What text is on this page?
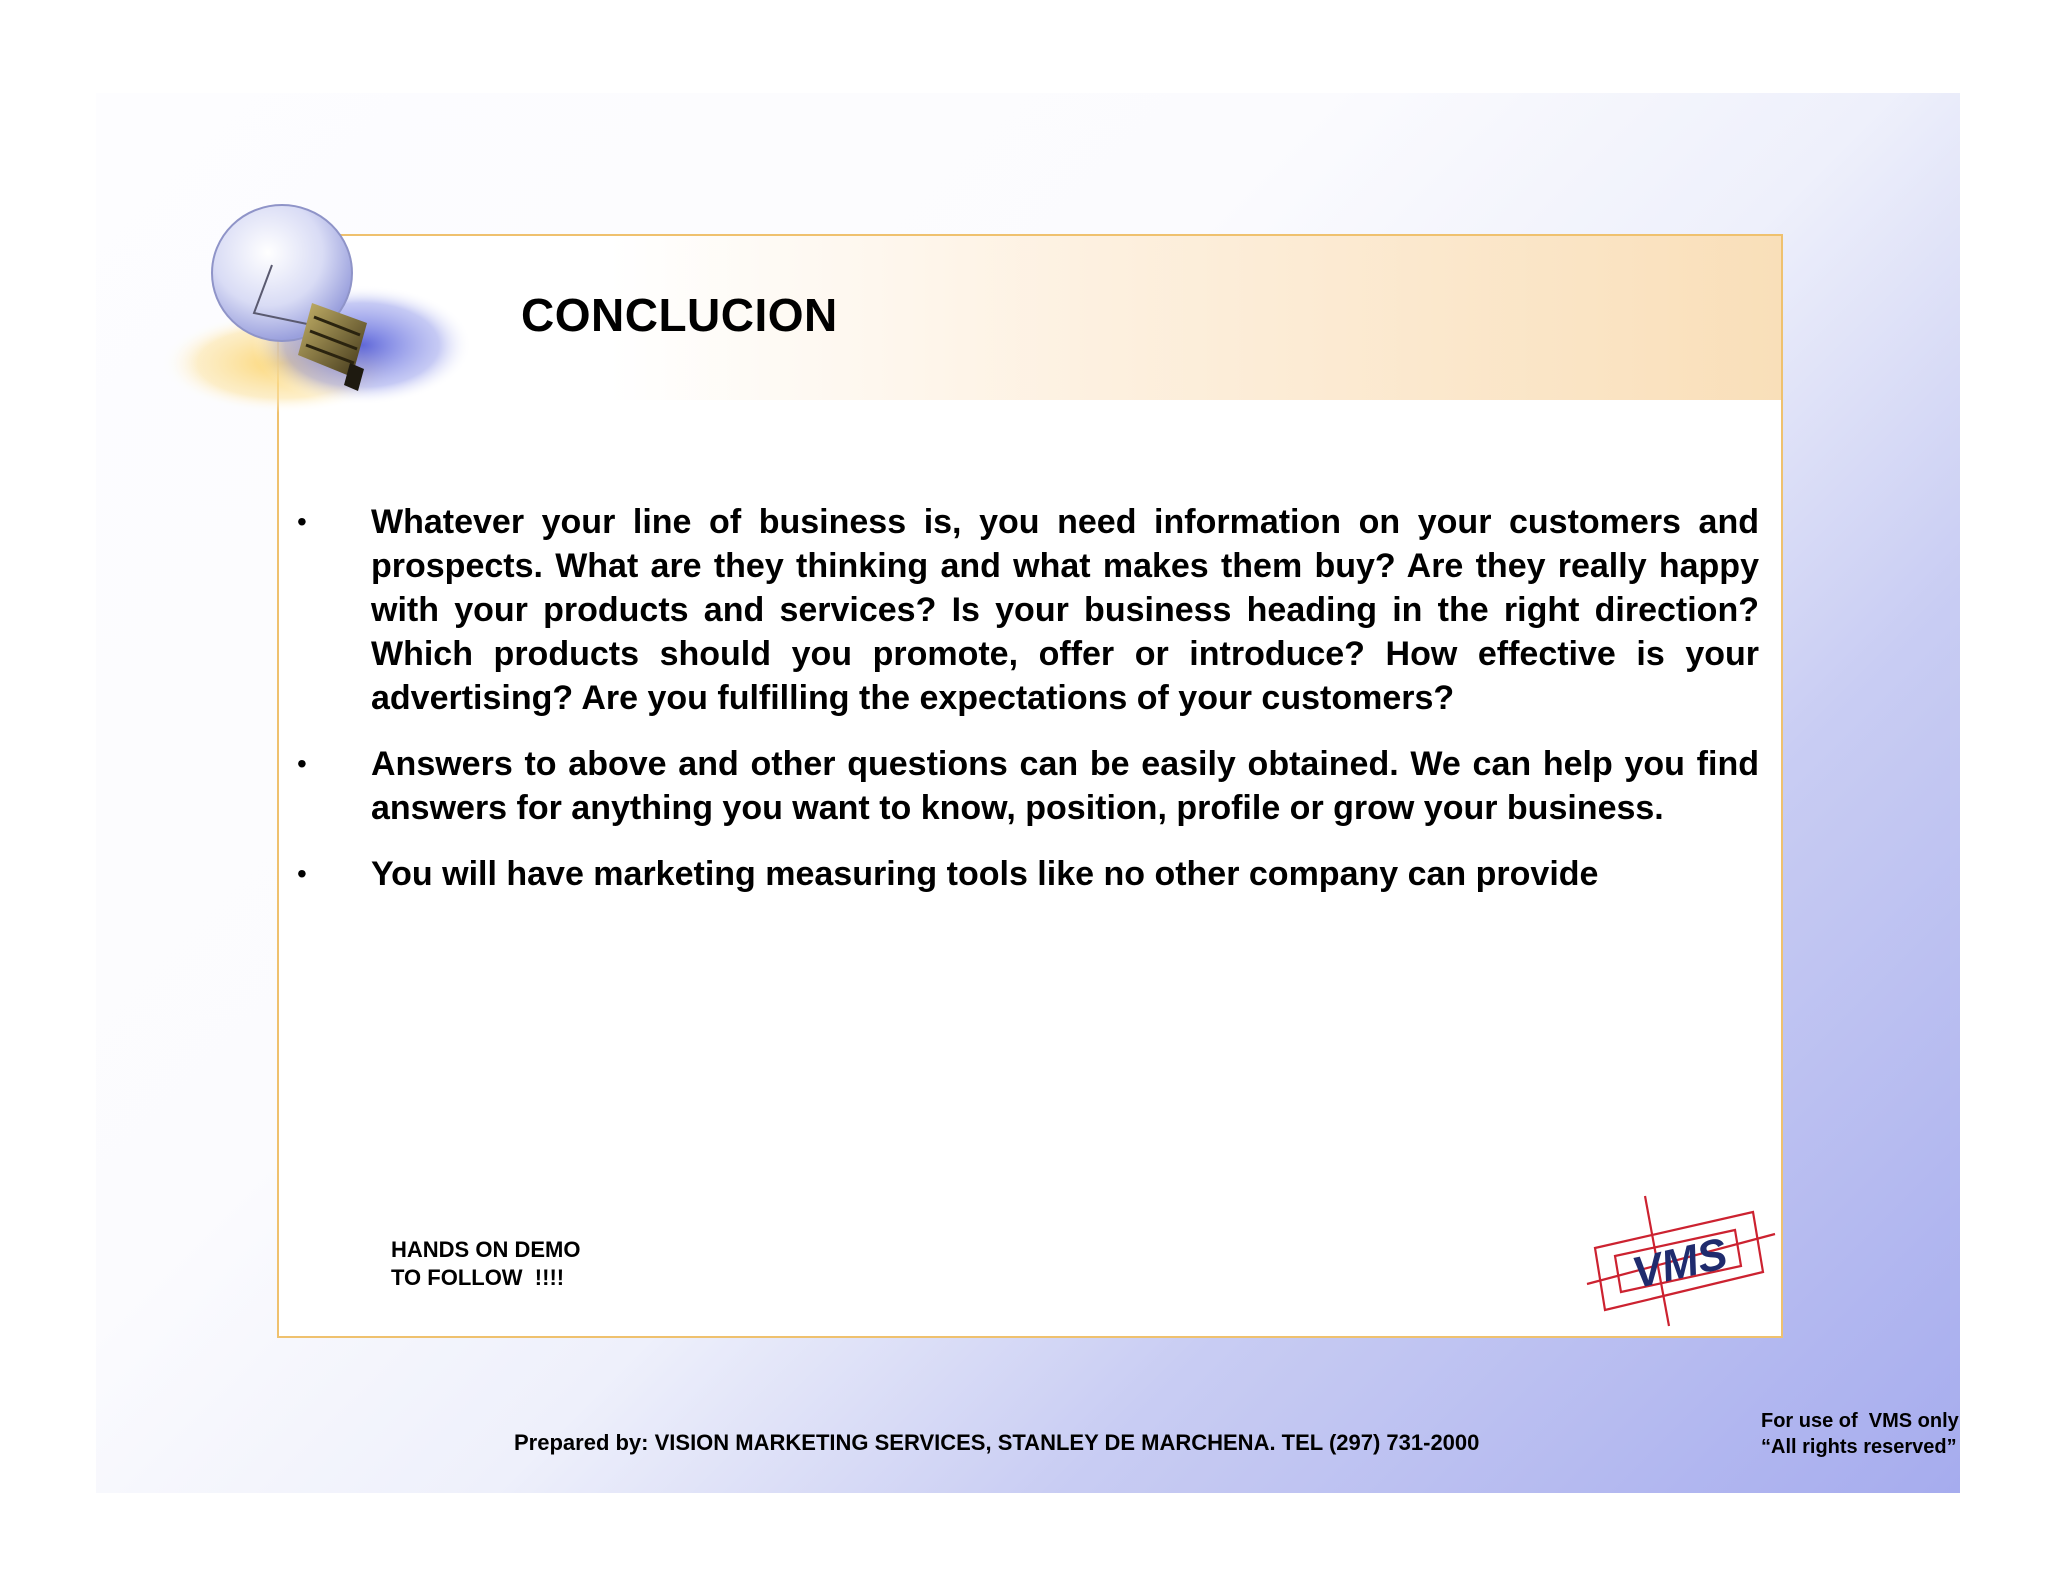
CONCLUCION
• Whatever your line of business is, you need information on your customers and prospects. What are they thinking and what makes them buy? Are they really happy with your products and services? Is your business heading in the right direction? Which products should you promote, offer or introduce? How effective is your advertising? Are you fulfilling the expectations of your customers?
• Answers to above and other questions can be easily obtained. We can help you find answers for anything you want to know, position, profile or grow your business.
• You will have marketing measuring tools like no other company can provide
HANDS ON DEMO
TO FOLLOW  !!!!	VMS
Prepared by: VISION MARKETING SERVICES, STANLEY DE MARCHENA. TEL (297) 731-2000
For use of  VMS only
“All rights reserved”
